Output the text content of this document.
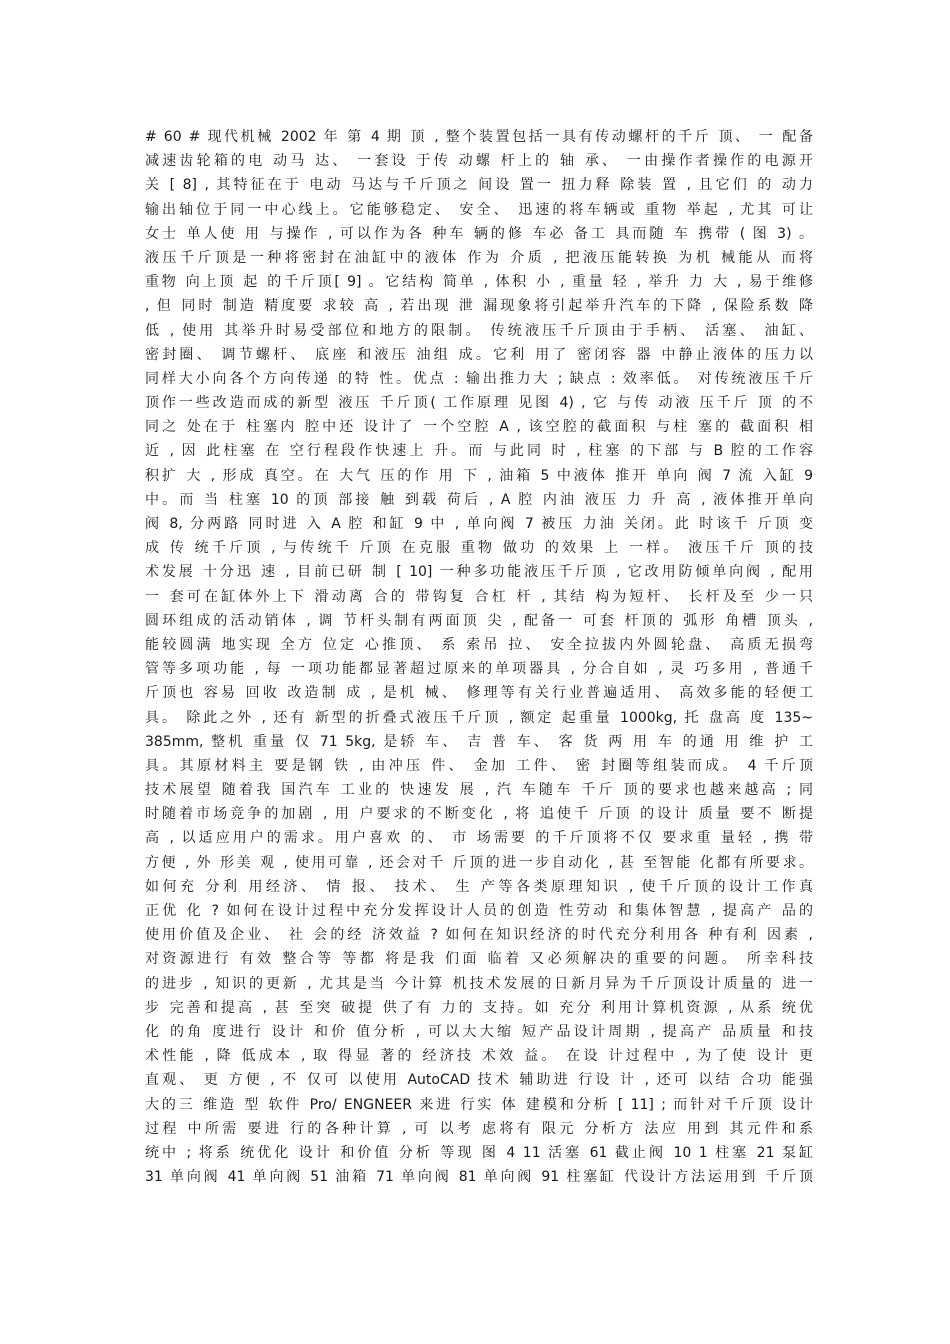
# 60 # 现代机械 2002 年 第 4 期 顶 , 整个装置包括一具有传动螺杆的千斤 顶、 一 配备
减速齿轮箱的电 动马 达、 一套设 于传 动螺 杆上的 轴 承、 一由操作者操作的电源开
关 [ 8] , 其特征在于 电动 马达与千斤顶之 间设 置一 扭力释 除装 置 , 且它们 的 动力
输出轴位于同一中心线上。它能够稳定、 安全、 迅速的将车辆或 重物 举起 , 尤其 可让
女士 单人使 用 与操作 , 可以作为各 种车 辆的修 车必 备工 具而随 车 携带 ( 图 3) 。
液压千斤顶是一种将密封在油缸中的液体 作为 介质 , 把液压能转换 为机 械能从 而将
重物 向上顶 起 的千斤顶[ 9] 。它结构 简单 , 体积 小 , 重量 轻 , 举升 力 大 , 易于维修
, 但 同时 制造 精度要 求较 高 , 若出现 泄 漏现象将引起举升汽车的下降 , 保险系数 降
低 , 使用 其举升时易受部位和地方的限制。 传统液压千斤顶由于手柄、 活塞、 油缸、
密封圈、 调节螺杆、 底座 和液压 油组 成。它利 用了 密闭容 器 中静止液体的压力以
同样大小向各个方向传递 的特 性。优点 : 输出推力大 ; 缺点 : 效率低。 对传统液压千斤
顶作一些改造而成的新型 液压 千斤顶( 工作原理 见图 4) , 它 与传 动液 压千斤 顶 的不
同之 处在于 柱塞内 腔中还 设计了 一个空腔 A , 该空腔的截面积 与柱 塞的 截面积 相
近 , 因 此柱塞 在 空行程段作快速上 升。而 与此同 时 , 柱塞 的下部 与 B 腔的工作容
积扩 大 , 形成 真空。在 大气 压的作 用 下 , 油箱 5 中液体 推开 单向 阀 7 流 入缸 9
中。而 当 柱塞 10 的顶 部接 触 到载 荷后 , A 腔 内油 液压 力 升 高 , 液体推开单向
阀 8, 分两路 同时进 入 A 腔 和缸 9 中 , 单向阀 7 被压 力油 关闭。此 时该千 斤顶 变
成 传 统千斤顶 , 与传统千 斤顶 在克服 重物 做功 的效果 上 一样。 液压千斤 顶的技
术发展 十分迅 速 , 目前已研 制 [ 10] 一种多功能液压千斤顶 , 它改用防倾单向阀 , 配用
一 套可在缸体外上下 滑动离 合的 带钩复 合杠 杆 , 其结 构为短杆、 长杆及至 少一只
圆环组成的活动销体 , 调 节杆头制有两面顶 尖 , 配备一 可套 杆顶的 弧形 角槽 顶头 ,
能较圆满 地实现 全方 位定 心推顶、 系 索吊 拉、 安全拉拔内外圆轮盘、 高质无损弯
管等多项功能 , 每 一项功能都显著超过原来的单项器具 , 分合自如 , 灵 巧多用 , 普通千
斤顶也 容易 回收 改造制 成 , 是机 械、 修理等有关行业普遍适用、 高效多能的轻便工
具。 除此之外 , 还有 新型的折叠式液压千斤顶 , 额定 起重量 1000kg, 托 盘高 度 135~
385mm, 整机 重量 仅 71 5kg, 是轿 车、 吉 普 车、 客 货 两 用 车 的通 用 维 护 工
具。其原材料主 要是钢 铁 , 由冲压 件、 金加 工件、 密 封圈等组装而成。 4 千斤顶
技术展望 随着我 国汽车 工业的 快速发 展 , 汽 车随车 千斤 顶的要求也越来越高 ; 同
时随着市场竞争的加剧 , 用 户要求的不断变化 , 将 追使千 斤顶 的设计 质量 要不 断提
高 , 以适应用户的需求。用户喜欢 的、 市 场需要 的千斤顶将不仅 要求重 量轻 , 携 带
方便 , 外 形美 观 , 使用可靠 , 还会对千 斤顶的进一步自动化 , 甚 至智能 化都有所要求。
如何充 分利 用经济、 情 报、 技术、 生 产等各类原理知识 , 使千斤顶的设计工作真
正优 化 ? 如何在设计过程中充分发挥设计人员的创造 性劳动 和集体智慧 , 提高产 品的
使用价值及企业、 社 会的经 济效益 ? 如何在知识经济的时代充分利用各 种有利 因素 ,
对资源进行 有效 整合等 等都 将是我 们面 临着 又必须解决的重要的问题。 所幸科技
的进步 , 知识的更新 , 尤其是当 今计算 机技术发展的日新月异为千斤顶设计质量的 进一
步 完善和提高 , 甚 至突 破提 供了有 力的 支持。如 充分 利用计算机资源 , 从系 统优
化 的角 度进行 设计 和价 值分析 , 可以大大缩 短产品设计周期 , 提高产 品质量 和技
术性能 , 降 低成本 , 取 得显 著的 经济技 术效 益。 在设 计过程中 , 为了使 设计 更
直观、 更 方便 , 不 仅可 以使用 AutoCAD 技术 辅助进 行设 计 , 还可 以结 合功 能强
大的三 维造 型 软件 Pro/ ENGNEER 来进 行实 体 建模和分析 [ 11] ; 而针对千斤顶 设计
过程 中所需 要进 行的各种计算 , 可 以考 虑将有 限元 分析方 法应 用到 其元件和系
统中 ; 将系 统优化 设计 和价值 分析 等现 图 4 11 活塞 61 截止阀 10 1 柱塞 21 泵缸
31 单向阀 41 单向阀 51 油箱 71 单向阀 81 单向阀 91 柱塞缸 代设计方法运用到 千斤顶
